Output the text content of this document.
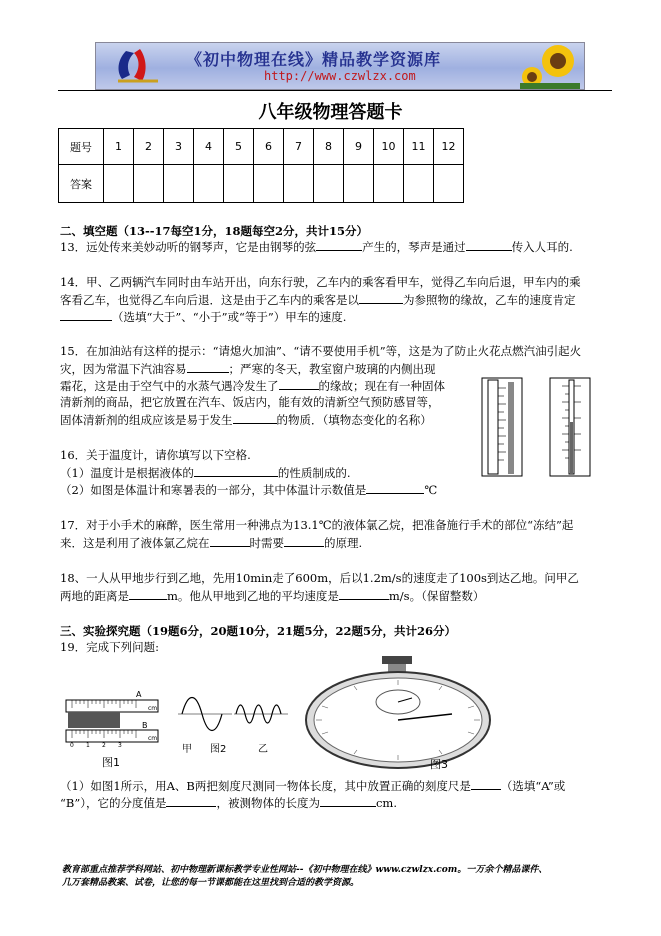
《初中物理在线》精品教学资源库
http://www.czwlzx.com
八年级物理答题卡
题号	1	2	3	4	5	6	7	8	9	10	11	12
答案												
二、填空题（13--17每空1分，18题每空2分，共计15分）
13．远处传来美妙动听的钢琴声，它是由钢琴的弦	产生的，琴声是通过	传入人耳的.
14．甲、乙两辆汽车同时由车站开出，向东行驶，乙车内的乘客看甲车，觉得乙车向后退，甲车内的乘
客看乙车，也觉得乙车向后退．这是由于乙车内的乘客是以	为参照物的缘故，乙车的速度肯定
（选填“大于”、“小于”或“等于”）甲车的速度.
15．在加油站有这样的提示：“请熄火加油”、“请不要使用手机”等，这是为了防止火花点燃汽油引起火
灾，因为常温下汽油容易	；严寒的冬天，教室窗户玻璃的内侧出现
霜花，这是由于空气中的水蒸气遇冷发生了	的缘故；现在有一种固体
清新剂的商品，把它放置在汽车、饭店内，能有效的清新空气预防感冒等，
固体清新剂的组成应该是易于发生	的物质．（填物态变化的名称）
16．关于温度计，请你填写以下空格.
（1）温度计是根据液体的	的性质制成的.
（2）如图是体温计和寒暑表的一部分，其中体温计示数值是	℃
17．对于小手术的麻醉，医生常用一种沸点为13.1℃的液体氯乙烷，把准备施行手术的部位“冻结”起
来．这是利用了液体氯乙烷在	时需要	的原理.
18、一人从甲地步行到乙地，先用10min走了600m，后以1.2m/s的速度走了100s到达乙地。问甲乙
两地的距离是	m。他从甲地到乙地的平均速度是	m/s。（保留整数）
三、实验探究题（19题6分，20题10分，21题5分，22题5分，共计26分）
19．完成下列问题:
A
cm
B
0 1 2 3
cm
图1
甲 图2	乙
图3
（1）如图1所示，用A、B两把刻度尺测同一物体长度，其中放置正确的刻度尺是	（选填“A”或
“B”），它的分度值是	，被测物体的长度为	cm.
教育部重点推荐学科网站、初中物理新课标教学专业性网站--《初中物理在线》www.czwlzx.com。一万余个精品课件、
几万套精品教案、试卷，让您的每一节课都能在这里找到合适的教学资源。
